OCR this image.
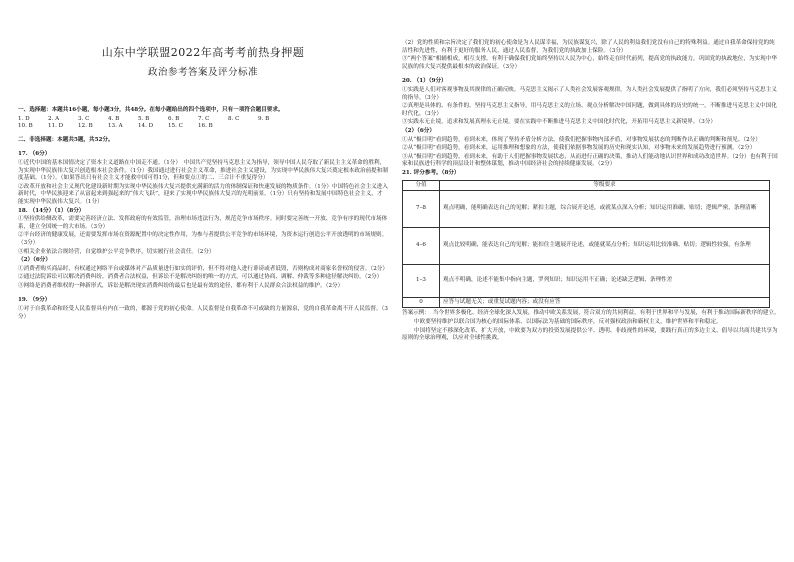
山东中学联盟2022年高考考前热身押题
政治参考答案及评分标准

一、选择题：本题共16小题，每小题3分，共48分。在每小题给出的四个选项中，只有一项符合题目要求。

1. D	2. A	3. C	4. B	5. B	6. B	7. C	8. C	9. B
10. B	11. D	12. B	13. A	14. D	15. C	16. B

二、非选择题：本题共5题，共52分。

17. （6分）

①近代中国的基本国情决定了资本主义道路在中国走不通。（1分）　中国共产党坚持马克思主义为指导，领导中国人民夺取了新民主主义革命的胜利，为实现中华民族伟大复兴创造根本社会条件。（1分）我国通过进行社会主义革命，推进社会主义建设，为实现中华民族伟大复兴奠定根本政治前提和制度基础。（1分）。（如果答出只有社会主义才能救中国可得1分，但和要点①的二、三合计不重复得分）

②改革开放和社会主义现代化建设新时期为实现中华民族伟大复兴提供充满新的活力的体制保证和快速发展的物质条件。（1分）中国特色社会主义进入新时代，中华民族迎来了从富起来到强起来的“伟大飞跃”，迎来了实现中华民族伟大复兴的光明前景。（1分）只有坚持和发展中国特色社会主义，才能实现中华民族伟大复兴。（1分）

18. （14分）（1）（8分）

①坚持供给侧改革，需要完善经济立法、发挥政府的有效监管，治理市场违法行为，规范竞争市场秩序。同时要完善统一开放、竞争有序的现代市场体系，建立全国统一的大市场。（3分）

②平台经济的健康发展，还需要发挥市场在资源配置中的决定性作用，为参与者提供公平竞争的市场环境，为资本运行创造公平开放透明的市场规则。（3分）

③相关企业依法合规经营，自觉维护公平竞争秩序，切实履行社会责任。（2分）

（2）（6分）

①消费者购买商品时，有权通过网络平台或媒体对产品质量进行如实的评价，但不得对他人进行诽谤或者诋毁，否则构成对商家名誉权的侵害。（2分）

②通过法院诉讼可以解决消费纠纷。消费者合法权益，但诉讼不是解决纠纷的唯一的方式，可以通过协商、调解、仲裁等多种途径解决纠纷。（2分）

③网络是消费者维权的一种新形式，诉讼是解决现实消费纠纷的最后也是最有效的途径，都有利于人民群众合法权益的维护。（2分）

19. （9分）

①对于自我革命和经受人民监督具有内在一致的，都源于党的初心使命。人民监督是自我革命不可或缺的力量源泉，党的自我革命离不开人民监督。（3分）

（2）党的性质和宗旨决定了我们党的初心使命是为人民谋幸福，为民族谋复兴，除了人民的利益我们党没有自己的特殊利益。通过自我革命保持党的纯洁性和先进性，有利于更好的服务人民，通过人民监督，为我们党的执政加上保险。（3分）

③“两个答案”相辅相成，相互支撑，有利于确保我们党始终坚持以人民为中心，始终走在时代前列，提高党的执政能力，巩固党的执政地位，为实现中华民族的伟大复兴提供最根本的政治保证。（3分）

20. （1）（9分）

①实践是人们对客观事物及其规律的正确反映。马克思主义揭示了人类社会发展客观规律，为人类社会发展提供了指明了方向，我们必须坚持马克思主义的指导。（3分）

②真理是具体的、有条件的，坚持马克思主义指导，用马克思主义的立场、观点分析解决中国问题，做到具体的历史的统一，不断推进马克思主义中国化时代化。（3分）

③实践永无止境，追求和发展真理永无止境。要在实践中不断推进马克思主义中国化时代化，开拓用马克思主义新境界。（3分）

（2）（6分）

①从“极目明”看到趋势，看到未来，体现了坚持矛盾分析方法，使我们把握事物内部矛盾，对事物发展状态的判断作出正确的判断和预见。（2分）

②从“极目明”看到趋势，看到未来，运用推理和想象的方法，使我们依据事物发展的历史和现实认知，对事物未来的发展趋势进行预测。（2分）

③从“极目明”看到趋势，看到未来，有助于人们把握事物发展状态，从而进行正确的决策，推动人们能动地认识世界和成功改造世界。（2分）也有利于国家和民族进行科学的顶层设计和整体谋划，推动中国经济社会的持续健康发展。（2分）

21. 评分参考。（8分）

分值	等级要求
7–8	观点明确，能明确表达自己的见解；紧扣主题，综合展开论述，或就某点深入分析；知识运用准确、贴切；逻辑严密，条理清晰
4–6	观点比较明确，能表达自己的见解；能扣住主题展开论述，或能就某点分析；知识运用比较准确、贴切；逻辑性较强，有条理
1–3	观点不明确，论述不能集中指向主题，罗列知识；知识运用不正确；论述缺乏逻辑，条理性差
0	应答与试题无关；或重复试题内容；或没有应答

答案示例：　当今世界多极化、经济全球化深入发展，推动中欧关系发展，符合双方的共同利益，有利于世界和平与发展，有利于推动国际新秩序的建立。

中欧要坚持维护以联合国为核心的国际体系、以国际法为基础的国际秩序，反对强权政治和霸权主义，维护世界和平和稳定。

中国将坚定不移深化改革、扩大开放，中欧要为双方的投资发展提供公平、透明、非歧视性的环境，要践行真正的多边主义，倡导以共商共建共享为原则的全球治理观，以应对全球性挑战。
